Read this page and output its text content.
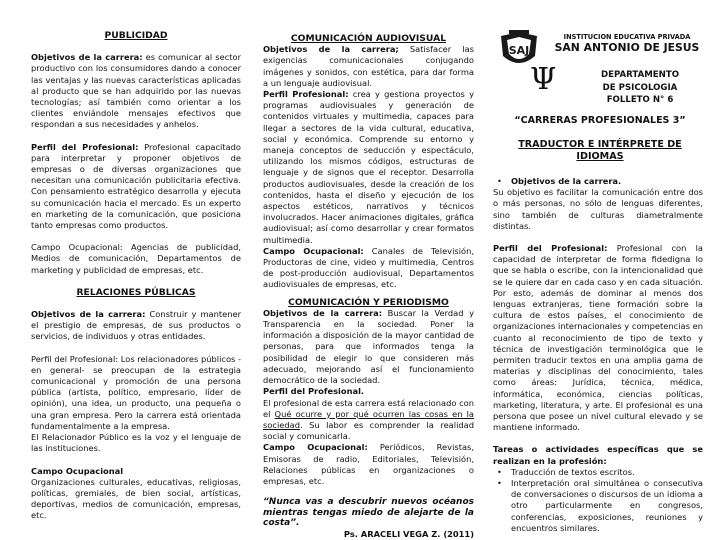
PUBLICIDAD

Objetivos de la carrera: es comunicar al sector productivo con los consumidores dando a conocer las ventajas y las nuevas características aplicadas al producto que se han adquirido por las nuevas tecnologías; así también como orientar a los clientes enviándole mensajes efectivos que respondan a sus necesidades y anhelos.

Perfil del Profesional: Profesional capacitado para interpretar y proponer objetivos de empresas o de diversas organizaciones que necesitan una comunicación publicitaria efectiva. Con pensamiento estratégico desarrolla y ejecuta su comunicación hacia el mercado. Es un experto en marketing de la comunicación, que posiciona tanto empresas como productos.

Campo Ocupacional: Agencias de publicidad, Medios de comunicación, Departamentos de marketing y publicidad de empresas, etc.

RELACIONES PÚBLICAS

Objetivos de la carrera: Construir y mantener el prestigio de empresas, de sus productos o servicios, de individuos y otras entidades.

Perfil del Profesional: Los relacionadores públicos -en general- se preocupan de la estrategia comunicacional y promoción de una persona pública (artista, político, empresario, líder de opinión), una idea, un producto, una pequeña o una gran empresa. Pero la carrera está orientada fundamentalmente a la empresa.

El Relacionador Público es la voz y el lenguaje de las instituciones.

Campo Ocupacional

Organizaciones culturales, educativas, religiosas, políticas, gremiales, de bien social, artísticas, deportivas, medios de comunicación, empresas, etc.

COMUNICACIÓN AUDIOVISUAL

Objetivos de la carrera; Satisfacer las exigencias comunicacionales conjugando imágenes y sonidos, con estética, para dar forma a un lenguaje audiovisual.

Perfil Profesional: crea y gestiona proyectos y programas audiovisuales y generación de contenidos virtuales y multimedia, capaces para llegar a sectores de la vida cultural, educativa, social y económica. Comprende su entorno y maneja conceptos de seducción y espectáculo, utilizando los mismos códigos, estructuras de lenguaje y de signos que el receptor. Desarrolla productos audiovisuales, desde la creación de los contenidos, hasta el diseño y ejecución de los aspectos estéticos, narrativos y técnicos involucrados. Hacer animaciones digitales, gráfica audiovisual; así como desarrollar y crear formatos multimedia.

Campo Ocupacional: Canales de Televisión, Productoras de cine, video y multimedia, Centros de post-producción audiovisual, Departamentos audiovisuales de empresas, etc.

COMUNICACIÓN Y PERIODISMO

Objetivos de la carrera: Buscar la Verdad y Transparencia en la sociedad. Poner la información a disposición de la mayor cantidad de personas, para que informados tenga la posibilidad de elegir lo que consideren más adecuado, mejorando así el funcionamiento democrático de la sociedad.

Perfil del Profesional.

El profesional de esta carrera está relacionado con el Qué ocurre y por qué ocurren las cosas en la sociedad. Su labor es comprender la realidad social y comunicarla.

Campo Ocupacional: Periódicos, Revistas, Emisoras de radio, Editoriales, Televisión, Relaciones públicas en organizaciones o empresas, etc.

“Nunca vas a descubrir nuevos océanos mientras tengas miedo de alejarte de la costa”.

Ps. ARACELI VEGA Z. (2011)

SAJ
INSTITUCION EDUCATIVA PRIVADA
SAN ANTONIO DE JESUS
Ψ	DEPARTAMENTO
DE PSICOLOGIA
FOLLETO N° 6
“CARRERAS PROFESIONALES 3”
TRADUCTOR E INTÉRPRETE DE IDIOMAS
• Objetivos de la carrera.

Su objetivo es facilitar la comunicación entre dos o más personas, no sólo de lenguas diferentes, sino también de culturas diametralmente distintas.

Perfil del Profesional: Profesional con la capacidad de interpretar de forma fidedigna lo que se habla o escribe, con la intencionalidad que se le quiere dar en cada caso y en cada situación. Por esto, además de dominar al menos dos lenguas extranjeras, tiene formación sobre la cultura de estos países, el conocimiento de organizaciones internacionales y competencias en cuanto al reconocimiento de tipo de texto y técnica de investigación terminológica que le permiten traducir textos en una amplia gama de materias y disciplinas del conocimiento, tales como áreas: Jurídica, técnica, médica, informática, económica, ciencias políticas, marketing, literatura, y arte. El profesional es una persona que posee un nivel cultural elevado y se mantiene informado.

Tareas o actividades específicas que se realizan en la profesión:

• Traducción de textos escritos.
• Interpretación oral simultánea o consecutiva de conversaciones o discursos de un idioma a otro particularmente en congresos, conferencias, exposiciones, reuniones y encuentros similares.
